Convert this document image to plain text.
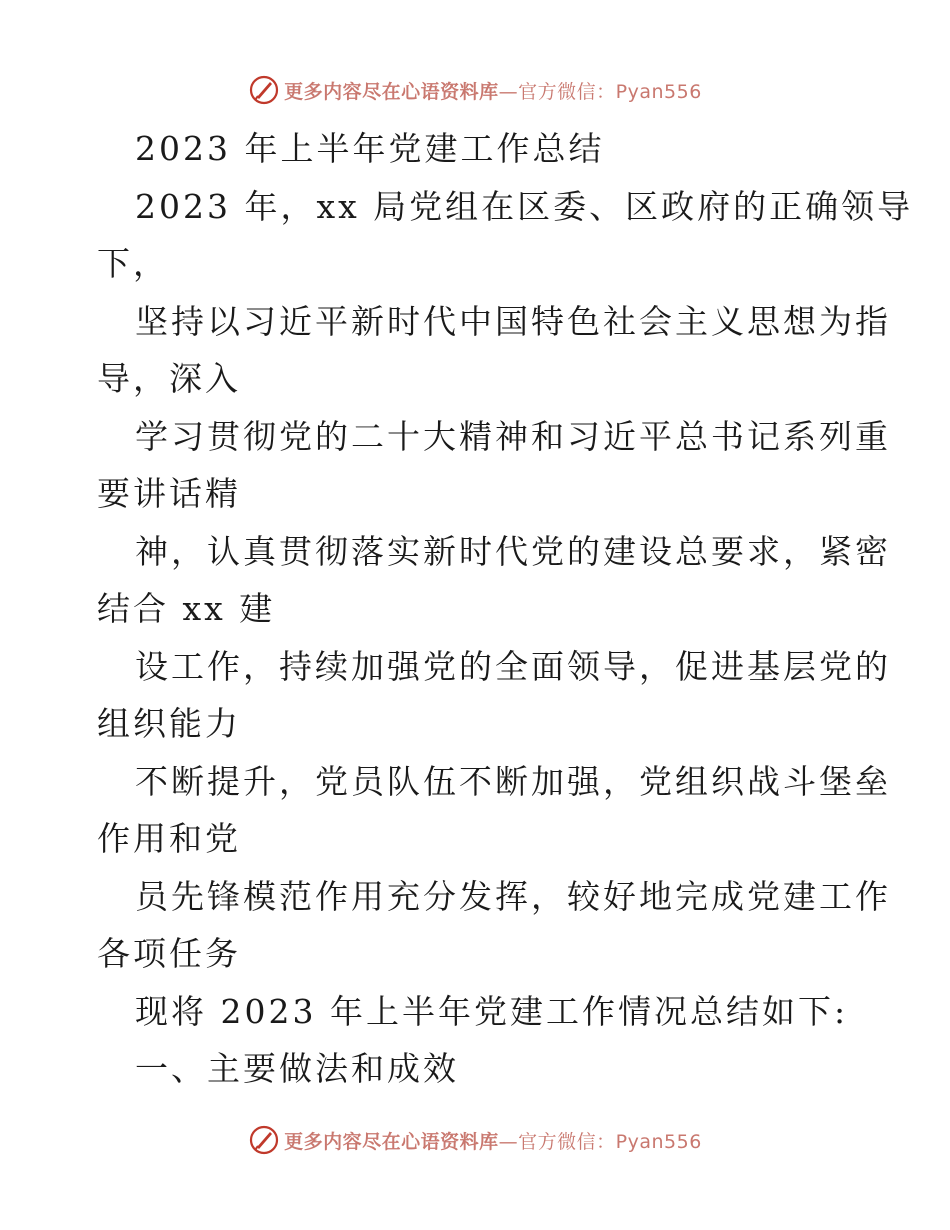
更多内容尽在心语资料库—官方微信：Pyan556
2023 年上半年党建工作总结
2023 年，xx 局党组在区委、区政府的正确领导
下，
坚持以习近平新时代中国特色社会主义思想为指
导，深入
学习贯彻党的二十大精神和习近平总书记系列重
要讲话精
神，认真贯彻落实新时代党的建设总要求，紧密
结合 xx 建
设工作，持续加强党的全面领导，促进基层党的
组织能力
不断提升，党员队伍不断加强，党组织战斗堡垒
作用和党
员先锋模范作用充分发挥，较好地完成党建工作
各项任务
现将 2023 年上半年党建工作情况总结如下:
一、主要做法和成效
更多内容尽在心语资料库—官方微信：Pyan556
